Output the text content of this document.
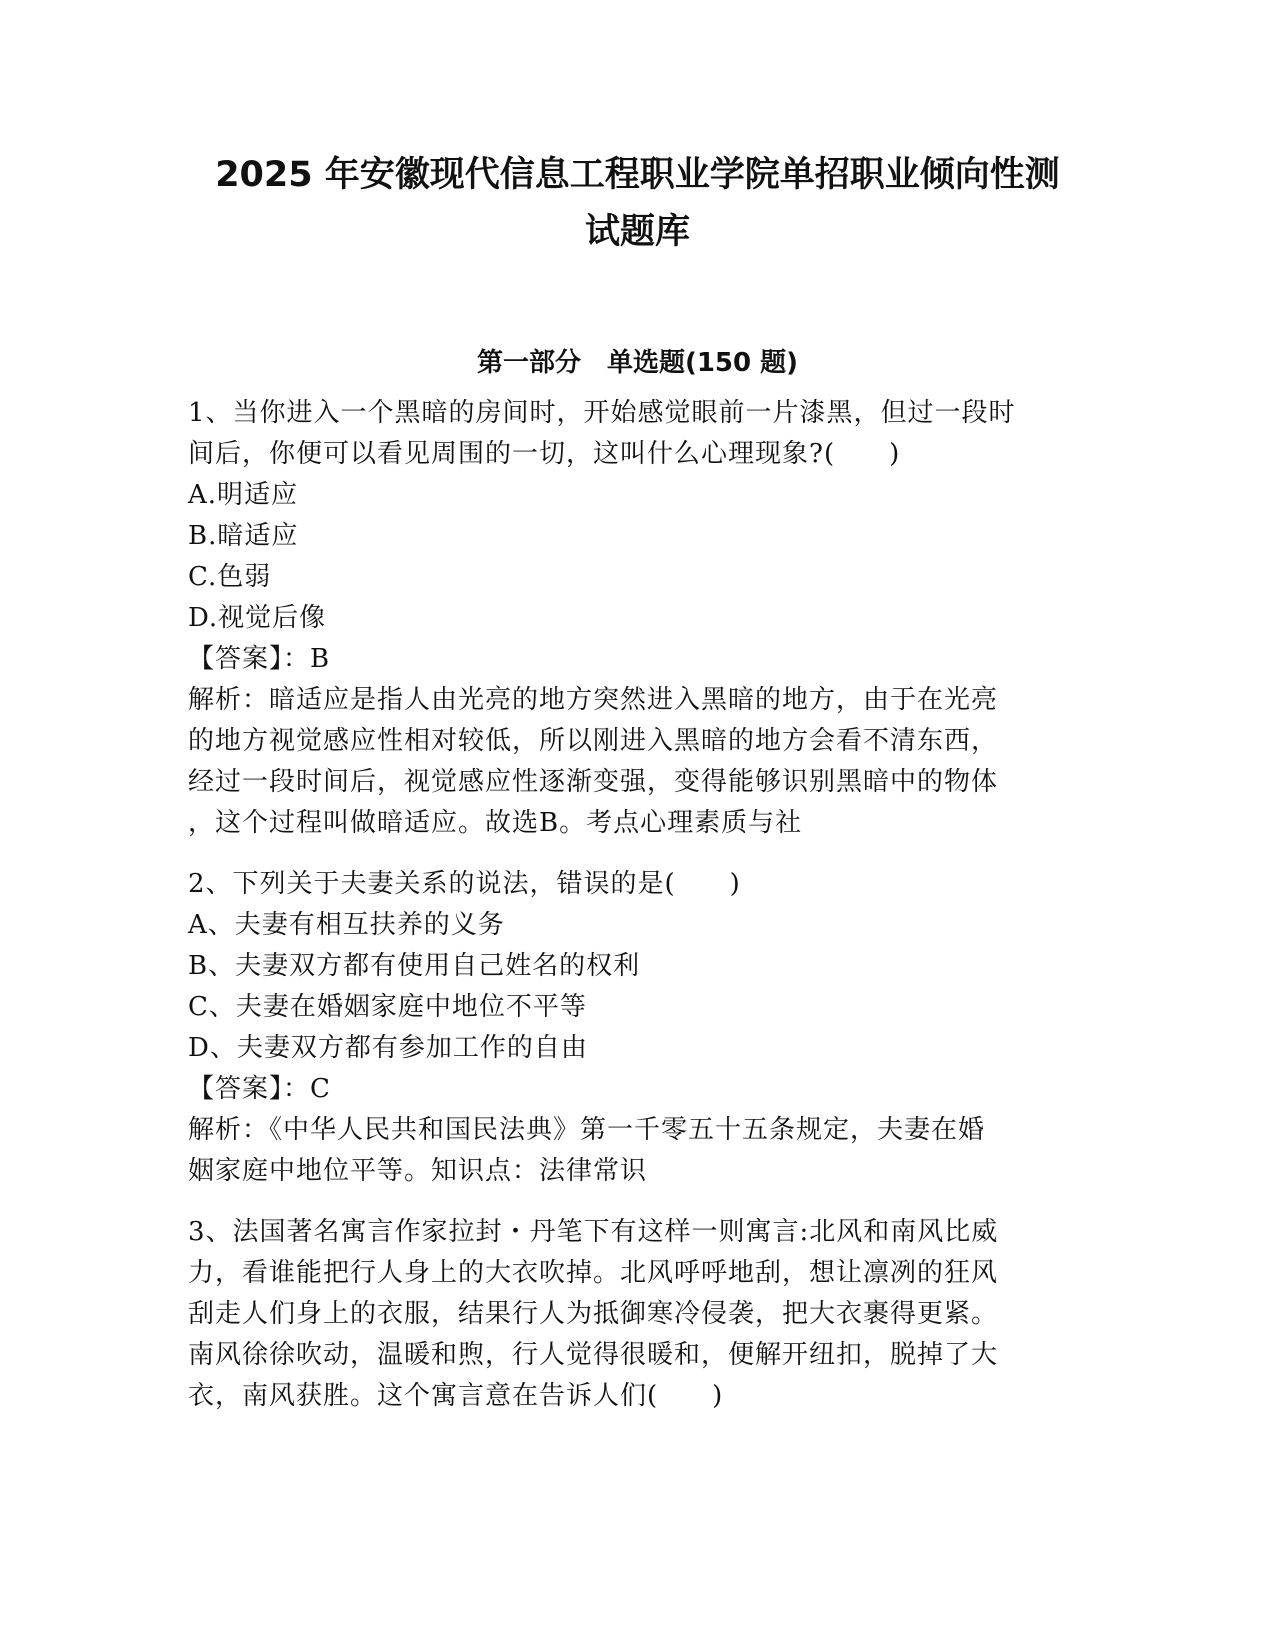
2025 年安徽现代信息工程职业学院单招职业倾向性测
试题库
第一部分　单选题(150 题)

1、当你进入一个黑暗的房间时，开始感觉眼前一片漆黑，但过一段时

间后，你便可以看见周围的一切，这叫什么心理现象?(　　)

A.明适应

B.暗适应

C.色弱

D.视觉后像

【答案】：B

解析：暗适应是指人由光亮的地方突然进入黑暗的地方，由于在光亮

的地方视觉感应性相对较低，所以刚进入黑暗的地方会看不清东西，

经过一段时间后，视觉感应性逐渐变强，变得能够识别黑暗中的物体

，这个过程叫做暗适应。故选B。考点心理素质与社

2、下列关于夫妻关系的说法，错误的是(　　)

A、夫妻有相互扶养的义务

B、夫妻双方都有使用自己姓名的权利

C、夫妻在婚姻家庭中地位不平等

D、夫妻双方都有参加工作的自由

【答案】：C

解析：《中华人民共和国民法典》第一千零五十五条规定，夫妻在婚

姻家庭中地位平等。知识点：法律常识

3、法国著名寓言作家拉封・丹笔下有这样一则寓言:北风和南风比威

力，看谁能把行人身上的大衣吹掉。北风呼呼地刮，想让凛冽的狂风

刮走人们身上的衣服，结果行人为抵御寒冷侵袭，把大衣裹得更紧。

南风徐徐吹动，温暖和煦，行人觉得很暖和，便解开纽扣，脱掉了大

衣，南风获胜。这个寓言意在告诉人们(　　)
